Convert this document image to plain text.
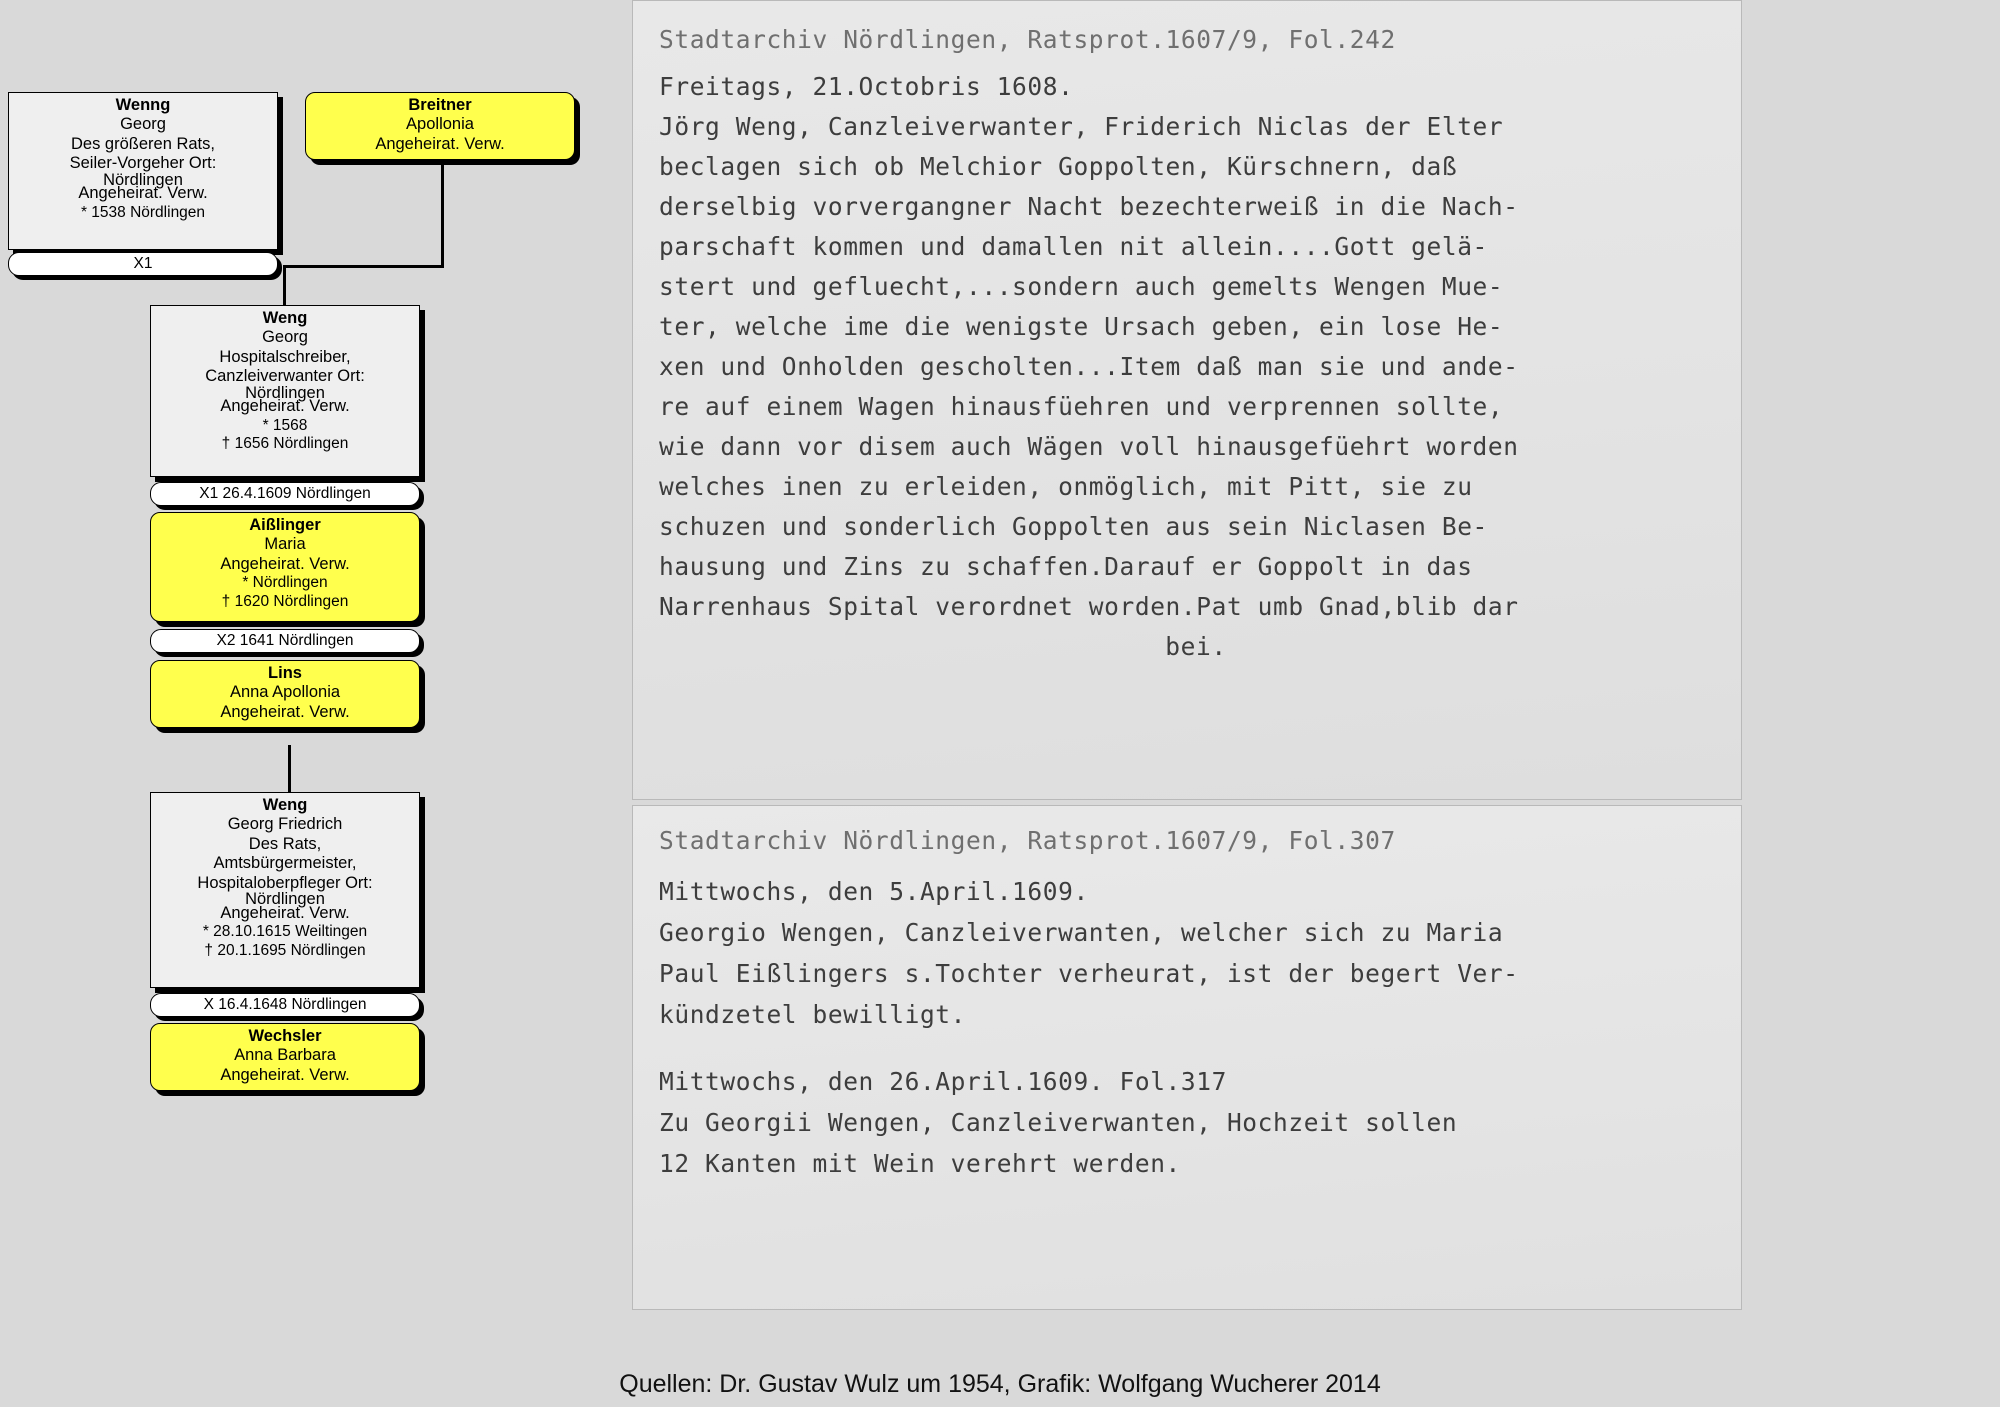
Wenng
Georg
Des größeren Rats,
Seiler-Vorgeher Ort:
Nördlingen
Angeheirat. Verw.
* 1538 Nördlingen
Breitner
Apollonia
Angeheirat. Verw.
X1
Weng
Georg
Hospitalschreiber,
Canzleiverwanter Ort:
Nördlingen
Angeheirat. Verw.
* 1568
† 1656 Nördlingen
X1 26.4.1609 Nördlingen
Aißlinger
Maria
Angeheirat. Verw.
* Nördlingen
† 1620 Nördlingen
X2 1641 Nördlingen
Lins
Anna Apollonia
Angeheirat. Verw.
Weng
Georg Friedrich
Des Rats,
Amtsbürgermeister,
Hospitaloberpfleger Ort:
Nördlingen
Angeheirat. Verw.
* 28.10.1615 Weiltingen
† 20.1.1695 Nördlingen
X 16.4.1648 Nördlingen
Wechsler
Anna Barbara
Angeheirat. Verw.
Stadtarchiv Nördlingen, Ratsprot.1607/9, Fol.242
Freitags, 21.Octobris 1608.
Jörg Weng, Canzleiverwanter, Friderich Niclas der Elter
beclagen sich ob Melchior Goppolten, Kürschnern, daß
derselbig vorvergangner Nacht bezechterweiß in die Nach-
parschaft kommen und damallen nit allein....Gott gelä-
stert und gefluecht,...sondern auch gemelts Wengen Mue-
ter, welche ime die wenigste Ursach geben, ein lose He-
xen und Onholden gescholten...Item daß man sie und ande-
re auf einem Wagen hinausfüehren und verprennen sollte,
wie dann vor disem auch Wägen voll hinausgefüehrt worden
welches inen zu erleiden, onmöglich, mit Pitt, sie zu
schuzen und sonderlich Goppolten aus sein Niclasen Be-
hausung und Zins zu schaffen.Darauf er Goppolt in das
Narrenhaus Spital verordnet worden.Pat umb Gnad,blib dar
bei.
Stadtarchiv Nördlingen, Ratsprot.1607/9, Fol.307
Mittwochs, den 5.April.1609.
Georgio Wengen, Canzleiverwanten, welcher sich zu Maria
Paul Eißlingers s.Tochter verheurat, ist der begert Ver-
kündzetel bewilligt.
Mittwochs, den 26.April.1609. Fol.317
Zu Georgii Wengen, Canzleiverwanten, Hochzeit sollen
12 Kanten mit Wein verehrt werden.
Quellen: Dr. Gustav Wulz um 1954, Grafik: Wolfgang Wucherer 2014
